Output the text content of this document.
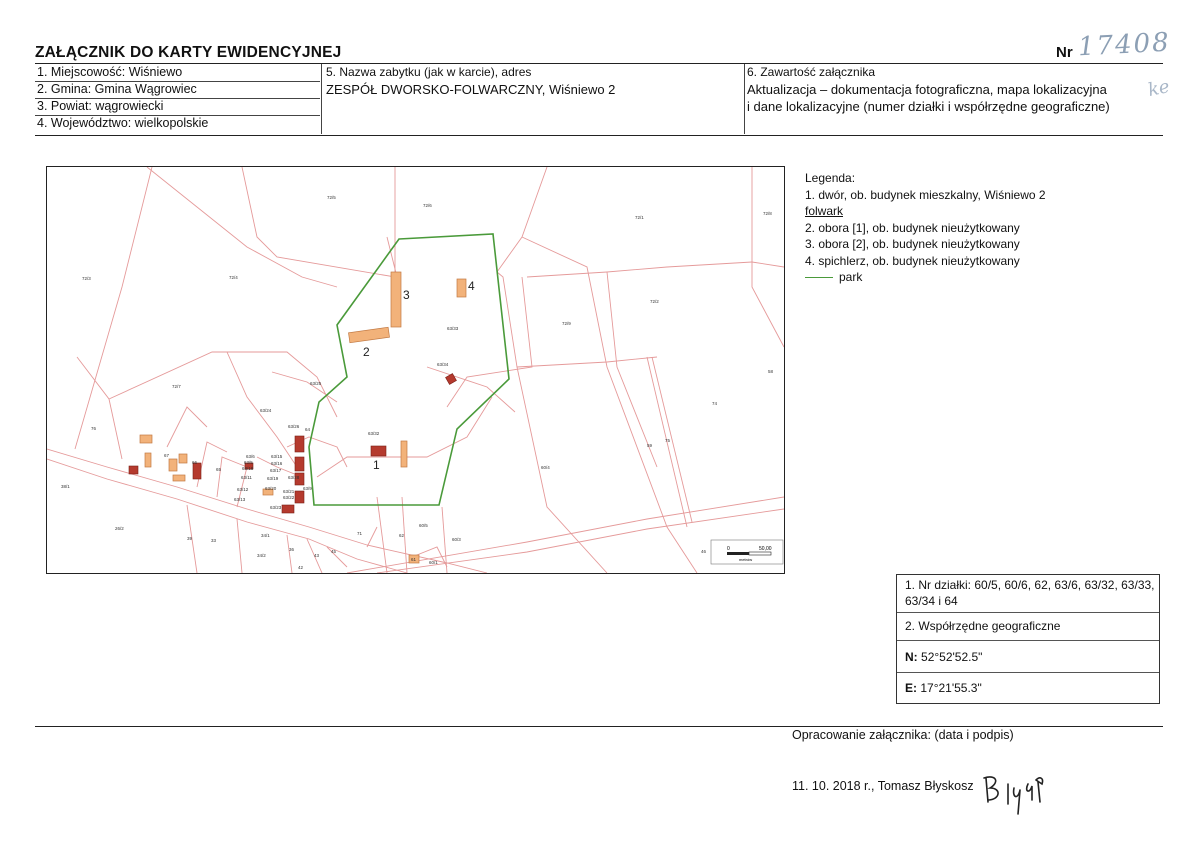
ZAŁĄCZNIK DO KARTY EWIDENCYJNEJ	Nr 17408
ke
1. Miejscowość: Wiśniewo
2. Gmina: Gmina Wągrowiec
3. Powiat: wągrowiecki
4. Województwo: wielkopolskie
5. Nazwa zabytku (jak w karcie), adres
ZESPÓŁ DWORSKO-FOLWARCZNY, Wiśniewo 2
6. Zawartość załącznika
Aktualizacja – dokumentacja fotograficzna, mapa lokalizacyjna
i dane lokalizacyjne (numer działki i współrzędne geograficzne)
1
2
3
4
72/5
72/6
72/1
72/8
72/3	72/4
72/2
72/9
63/33
63/34
63/25
63/24
63/32
72/7
76
58
67
66
65
63/6
63/5
63/18
63/11
63/12
63/13
63/15
63/16
63/17
63/19
63/20
63/21
63/22
63/23
63/28
64
59
75
74
60/4
38/1
26/2
39	33
34/1
34/2
36
43
45
42
71	62
60/5
60/3
61
60/1
46
63/9
63/26
0	50,00
metrów
Legenda:
1. dwór, ob. budynek mieszkalny, Wiśniewo 2
folwark
2. obora [1], ob. budynek nieużytkowany
3. obora [2], ob. budynek nieużytkowany
4. spichlerz, ob. budynek nieużytkowany
park
1. Nr działki: 60/5, 60/6, 62, 63/6, 63/32, 63/33,
63/34 i 64
2. Współrzędne geograficzne
N: 52°52'52.5"
E: 17°21'55.3"
Opracowanie załącznika: (data i podpis)
11. 10. 2018 r., Tomasz Błyskosz
